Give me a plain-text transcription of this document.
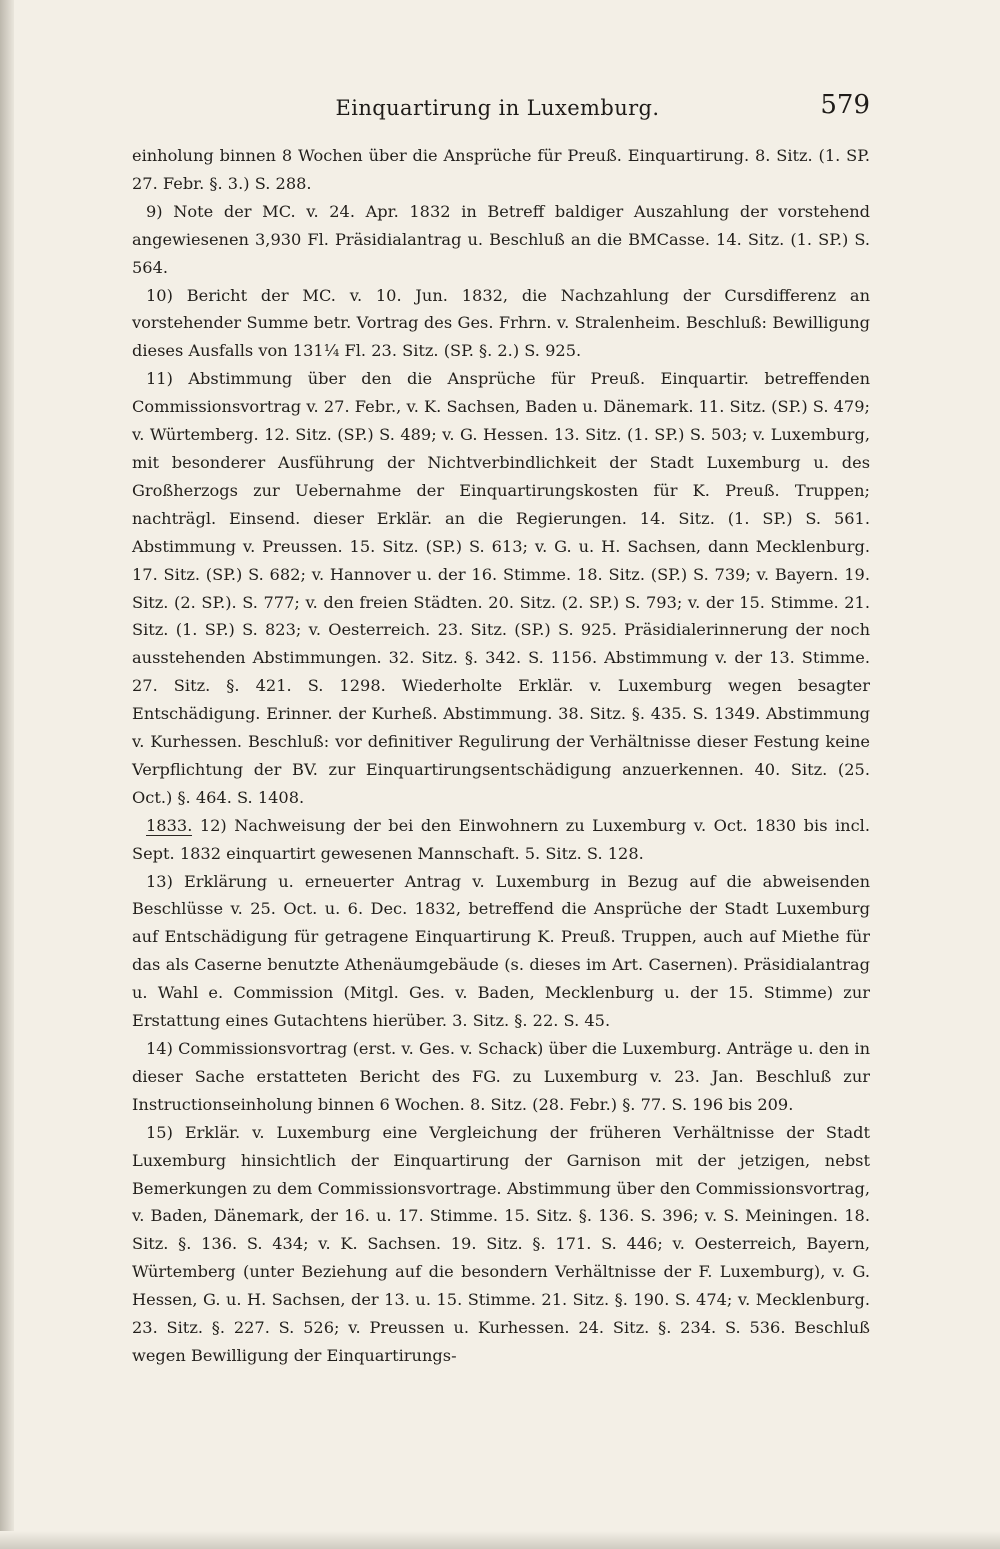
Einquartirung in Luxemburg.	579

einholung binnen 8 Wochen über die Ansprüche für Preuß. Einquartirung. 8. Sitz. (1. SP. 27. Febr. §. 3.) S. 288.

9) Note der MC. v. 24. Apr. 1832 in Betreff baldiger Auszahlung der vorstehend angewiesenen 3,930 Fl. Präsidialantrag u. Beschluß an die BMCasse. 14. Sitz. (1. SP.) S. 564.

10) Bericht der MC. v. 10. Jun. 1832, die Nachzahlung der Cursdifferenz an vorstehender Summe betr. Vortrag des Ges. Frhrn. v. Stralenheim. Beschluß: Bewilligung dieses Ausfalls von 131¹⁄₄ Fl. 23. Sitz. (SP. §. 2.) S. 925.

11) Abstimmung über den die Ansprüche für Preuß. Einquartir. betreffenden Commissionsvortrag v. 27. Febr., v. K. Sachsen, Baden u. Dänemark. 11. Sitz. (SP.) S. 479; v. Würtemberg. 12. Sitz. (SP.) S. 489; v. G. Hessen. 13. Sitz. (1. SP.) S. 503; v. Luxemburg, mit besonderer Ausführung der Nichtverbindlichkeit der Stadt Luxemburg u. des Großherzogs zur Uebernahme der Einquartirungskosten für K. Preuß. Truppen; nachträgl. Einsend. dieser Erklär. an die Regierungen. 14. Sitz. (1. SP.) S. 561. Abstimmung v. Preussen. 15. Sitz. (SP.) S. 613; v. G. u. H. Sachsen, dann Mecklenburg. 17. Sitz. (SP.) S. 682; v. Hannover u. der 16. Stimme. 18. Sitz. (SP.) S. 739; v. Bayern. 19. Sitz. (2. SP.). S. 777; v. den freien Städten. 20. Sitz. (2. SP.) S. 793; v. der 15. Stimme. 21. Sitz. (1. SP.) S. 823; v. Oesterreich. 23. Sitz. (SP.) S. 925. Präsidialerinnerung der noch ausstehenden Abstimmungen. 32. Sitz. §. 342. S. 1156. Abstimmung v. der 13. Stimme. 27. Sitz. §. 421. S. 1298. Wiederholte Erklär. v. Luxemburg wegen besagter Entschädigung. Erinner. der Kurheß. Abstimmung. 38. Sitz. §. 435. S. 1349. Abstimmung v. Kurhessen. Beschluß: vor definitiver Regulirung der Verhältnisse dieser Festung keine Verpflichtung der BV. zur Einquartirungsentschädigung anzuerkennen. 40. Sitz. (25. Oct.) §. 464. S. 1408.

1833. 12) Nachweisung der bei den Einwohnern zu Luxemburg v. Oct. 1830 bis incl. Sept. 1832 einquartirt gewesenen Mannschaft. 5. Sitz. S. 128.

13) Erklärung u. erneuerter Antrag v. Luxemburg in Bezug auf die abweisenden Beschlüsse v. 25. Oct. u. 6. Dec. 1832, betreffend die Ansprüche der Stadt Luxemburg auf Entschädigung für getragene Einquartirung K. Preuß. Truppen, auch auf Miethe für das als Caserne benutzte Athenäumgebäude (s. dieses im Art. Casernen). Präsidialantrag u. Wahl e. Commission (Mitgl. Ges. v. Baden, Mecklenburg u. der 15. Stimme) zur Erstattung eines Gutachtens hierüber. 3. Sitz. §. 22. S. 45.

14) Commissionsvortrag (erst. v. Ges. v. Schack) über die Luxemburg. Anträge u. den in dieser Sache erstatteten Bericht des FG. zu Luxemburg v. 23. Jan. Beschluß zur Instructionseinholung binnen 6 Wochen. 8. Sitz. (28. Febr.) §. 77. S. 196 bis 209.

15) Erklär. v. Luxemburg eine Vergleichung der früheren Verhältnisse der Stadt Luxemburg hinsichtlich der Einquartirung der Garnison mit der jetzigen, nebst Bemerkungen zu dem Commissionsvortrage. Abstimmung über den Commissionsvortrag, v. Baden, Dänemark, der 16. u. 17. Stimme. 15. Sitz. §. 136. S. 396; v. S. Meiningen. 18. Sitz. §. 136. S. 434; v. K. Sachsen. 19. Sitz. §. 171. S. 446; v. Oesterreich, Bayern, Würtemberg (unter Beziehung auf die besondern Verhältnisse der F. Luxemburg), v. G. Hessen, G. u. H. Sachsen, der 13. u. 15. Stimme. 21. Sitz. §. 190. S. 474; v. Mecklenburg. 23. Sitz. §. 227. S. 526; v. Preussen u. Kurhessen. 24. Sitz. §. 234. S. 536. Beschluß wegen Bewilligung der Einquartirungs-
